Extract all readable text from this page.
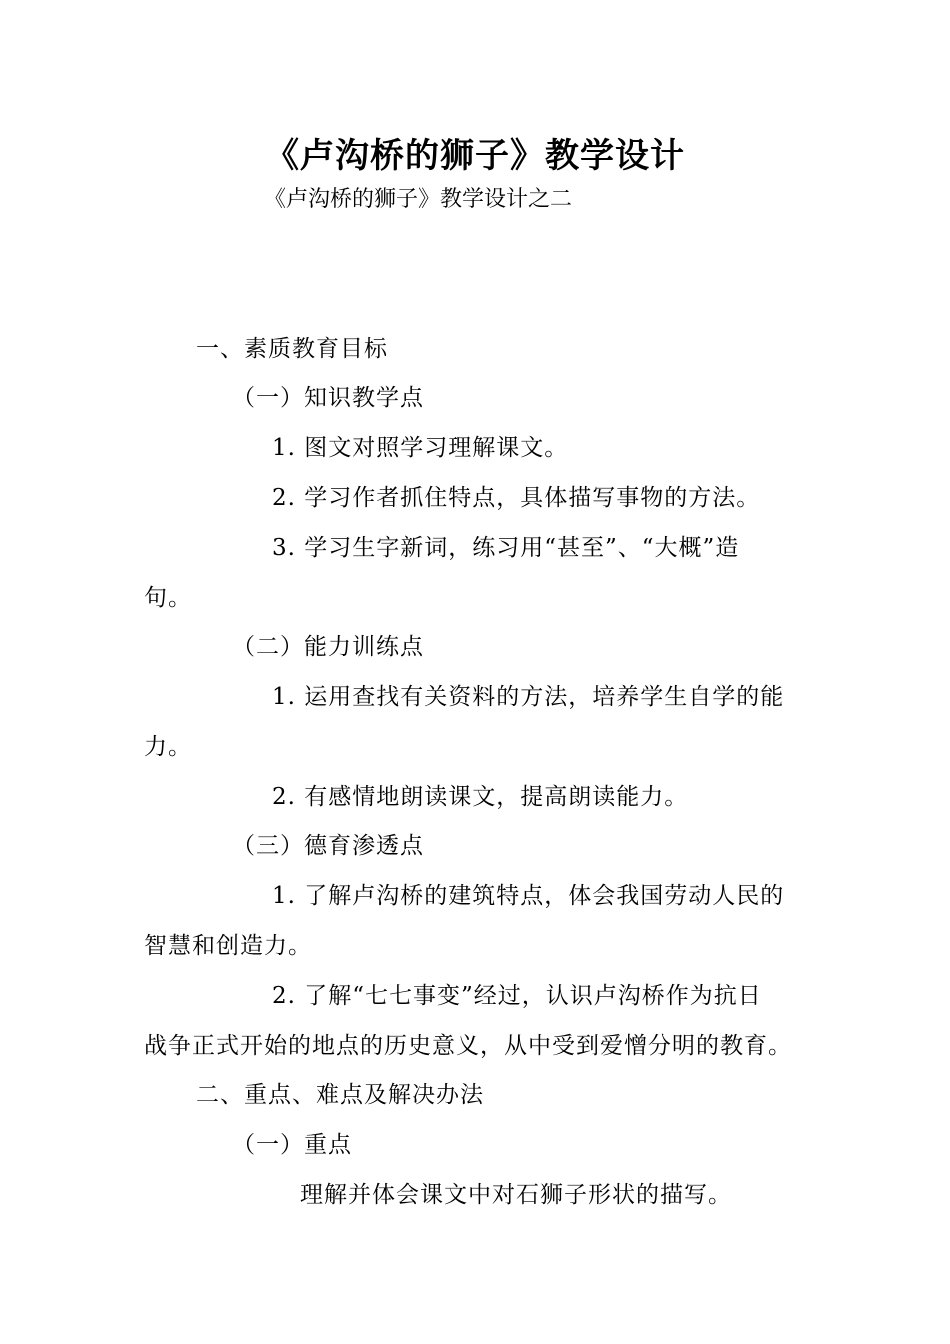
《卢沟桥的狮子》教学设计
《卢沟桥的狮子》教学设计之二
一、素质教育目标
（一）知识教学点
1. 图文对照学习理解课文。
2. 学习作者抓住特点，具体描写事物的方法。
3. 学习生字新词，练习用“甚至”、“大概”造
句。
（二）能力训练点
1. 运用查找有关资料的方法，培养学生自学的能
力。
2. 有感情地朗读课文，提高朗读能力。
（三）德育渗透点
1. 了解卢沟桥的建筑特点，体会我国劳动人民的
智慧和创造力。
2. 了解“七七事变”经过，认识卢沟桥作为抗日
战争正式开始的地点的历史意义，从中受到爱憎分明的教育。
二、重点、难点及解决办法
（一）重点
理解并体会课文中对石狮子形状的描写。
